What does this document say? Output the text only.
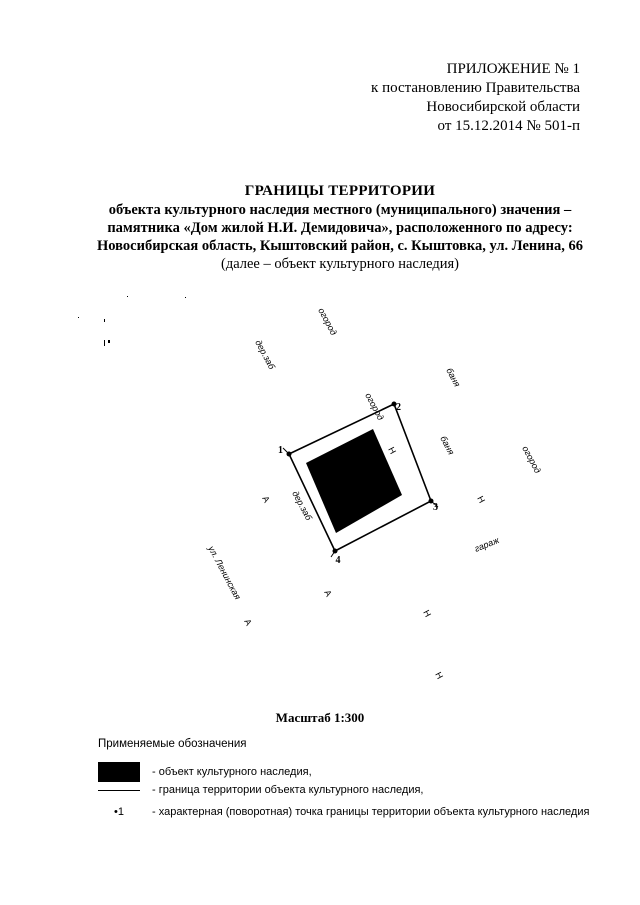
ПРИЛОЖЕНИЕ № 1
к постановлению Правительства
Новосибирской области
от 15.12.2014 № 501-п
ГРАНИЦЫ ТЕРРИТОРИИ
объекта культурного наследия местного (муниципального) значения –
памятника «Дом жилой Н.И. Демидовича», расположенного по адресу:
Новосибирская область, Кыштовский район, с. Кыштовка, ул. Ленина, 66
(далее – объект культурного наследия)
1
2
3
4
огород
дер.заб
баня
огород
баня	огород
дер.заб
гараж
ул. Ленинская
А
А
А
Н
Н
Н
Н
Масштаб 1:300
Применяемые обозначения
- объект культурного наследия,
- граница территории объекта культурного наследия,
•1	- характерная (поворотная) точка границы территории объекта культурного наследия
